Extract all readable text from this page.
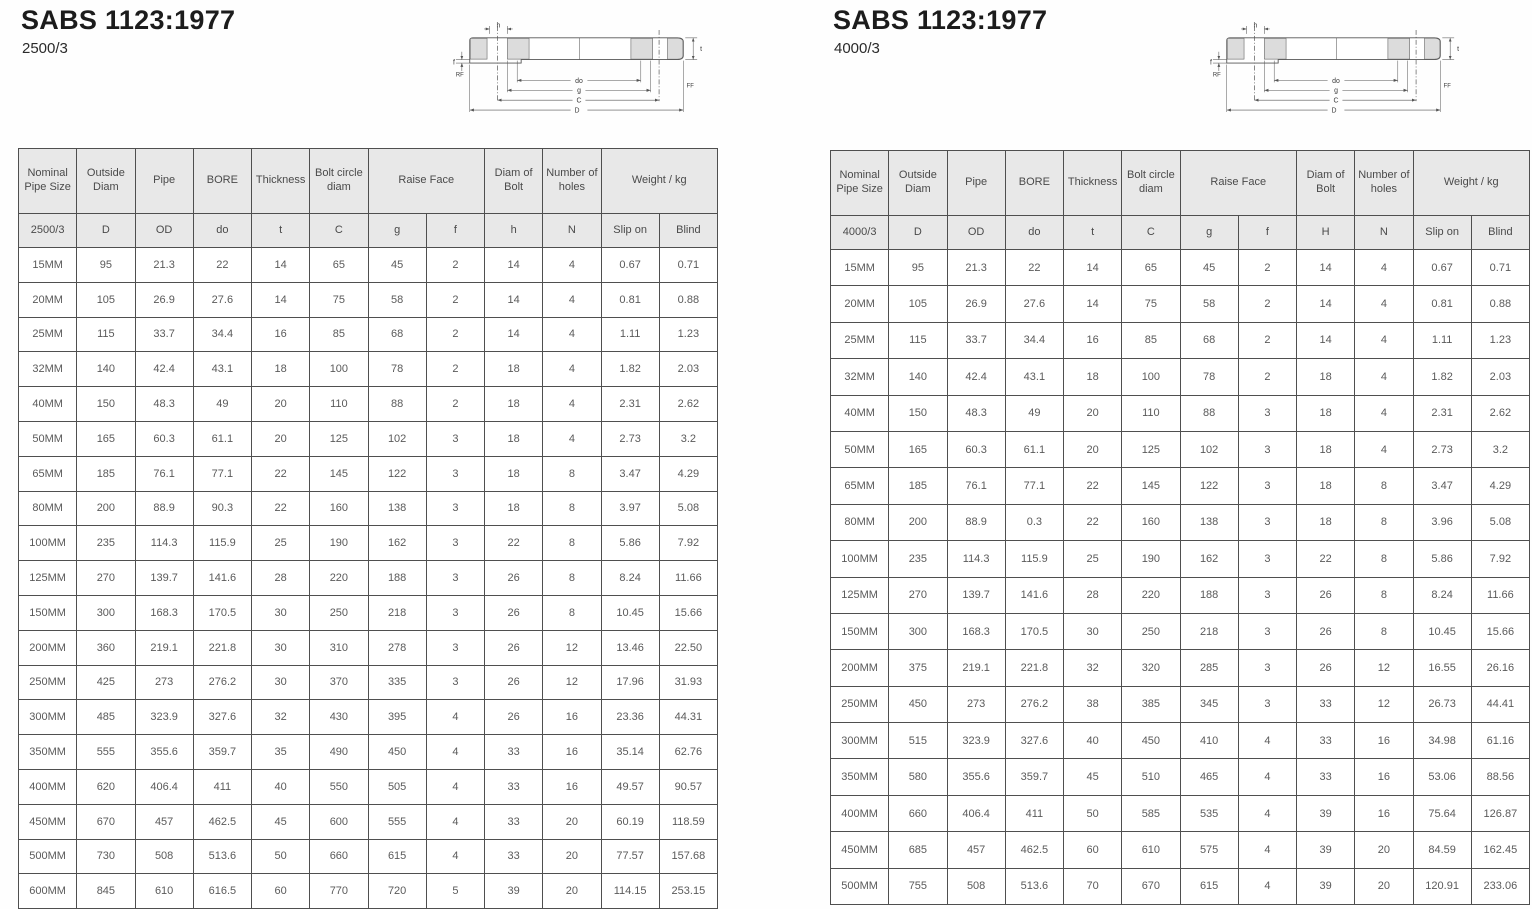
SABS 1123:1977
2500/3
h
t
f
RF
do
g
C
D
FF
Nominal Pipe Size	Outside Diam	Pipe	BORE	Thickness	Bolt circle diam	Raise Face		Diam of Bolt	Number of holes	Weight / kg	
2500/3	D	OD	do	t	C	g	f	h	N	Slip on	Blind
15MM	95	21.3	22	14	65	45	2	14	4	0.67	0.71
20MM	105	26.9	27.6	14	75	58	2	14	4	0.81	0.88
25MM	115	33.7	34.4	16	85	68	2	14	4	1.11	1.23
32MM	140	42.4	43.1	18	100	78	2	18	4	1.82	2.03
40MM	150	48.3	49	20	110	88	2	18	4	2.31	2.62
50MM	165	60.3	61.1	20	125	102	3	18	4	2.73	3.2
65MM	185	76.1	77.1	22	145	122	3	18	8	3.47	4.29
80MM	200	88.9	90.3	22	160	138	3	18	8	3.97	5.08
100MM	235	114.3	115.9	25	190	162	3	22	8	5.86	7.92
125MM	270	139.7	141.6	28	220	188	3	26	8	8.24	11.66
150MM	300	168.3	170.5	30	250	218	3	26	8	10.45	15.66
200MM	360	219.1	221.8	30	310	278	3	26	12	13.46	22.50
250MM	425	273	276.2	30	370	335	3	26	12	17.96	31.93
300MM	485	323.9	327.6	32	430	395	4	26	16	23.36	44.31
350MM	555	355.6	359.7	35	490	450	4	33	16	35.14	62.76
400MM	620	406.4	411	40	550	505	4	33	16	49.57	90.57
450MM	670	457	462.5	45	600	555	4	33	20	60.19	118.59
500MM	730	508	513.6	50	660	615	4	33	20	77.57	157.68
600MM	845	610	616.5	60	770	720	5	39	20	114.15	253.15
SABS 1123:1977
4000/3
h
t
f
RF
do
g
C
D
FF
Nominal Pipe Size	Outside Diam	Pipe	BORE	Thickness	Bolt circle diam	Raise Face		Diam of Bolt	Number of holes	Weight / kg	
4000/3	D	OD	do	t	C	g	f	H	N	Slip on	Blind
15MM	95	21.3	22	14	65	45	2	14	4	0.67	0.71
20MM	105	26.9	27.6	14	75	58	2	14	4	0.81	0.88
25MM	115	33.7	34.4	16	85	68	2	14	4	1.11	1.23
32MM	140	42.4	43.1	18	100	78	2	18	4	1.82	2.03
40MM	150	48.3	49	20	110	88	3	18	4	2.31	2.62
50MM	165	60.3	61.1	20	125	102	3	18	4	2.73	3.2
65MM	185	76.1	77.1	22	145	122	3	18	8	3.47	4.29
80MM	200	88.9	0.3	22	160	138	3	18	8	3.96	5.08
100MM	235	114.3	115.9	25	190	162	3	22	8	5.86	7.92
125MM	270	139.7	141.6	28	220	188	3	26	8	8.24	11.66
150MM	300	168.3	170.5	30	250	218	3	26	8	10.45	15.66
200MM	375	219.1	221.8	32	320	285	3	26	12	16.55	26.16
250MM	450	273	276.2	38	385	345	3	33	12	26.73	44.41
300MM	515	323.9	327.6	40	450	410	4	33	16	34.98	61.16
350MM	580	355.6	359.7	45	510	465	4	33	16	53.06	88.56
400MM	660	406.4	411	50	585	535	4	39	16	75.64	126.87
450MM	685	457	462.5	60	610	575	4	39	20	84.59	162.45
500MM	755	508	513.6	70	670	615	4	39	20	120.91	233.06
